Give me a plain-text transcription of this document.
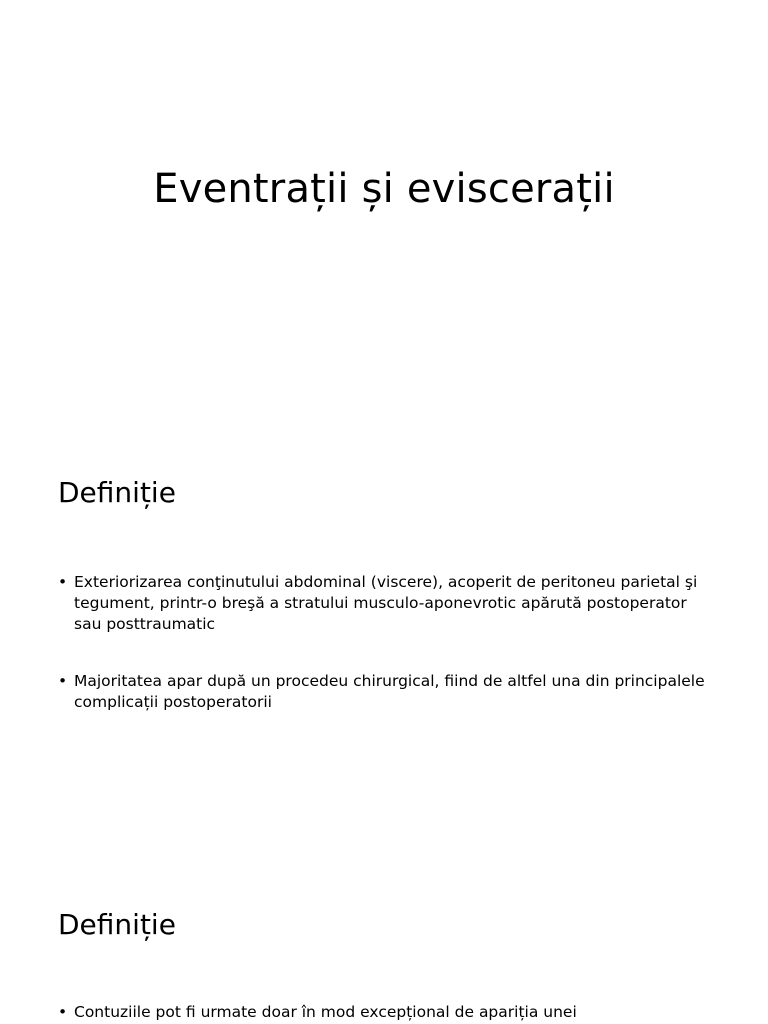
Eventrații și eviscerații
Definiție
• Exteriorizarea conţinutului abdominal (viscere), acoperit de peritoneu parietal şi tegument, printr-o breşă a stratului musculo-aponevrotic apărută postoperator sau posttraumatic
• Majoritatea apar după un procedeu chirurgical, fiind de altfel una din principalele complicații postoperatorii
Definiție
• Contuziile pot fi urmate doar în mod excepțional de apariția unei
